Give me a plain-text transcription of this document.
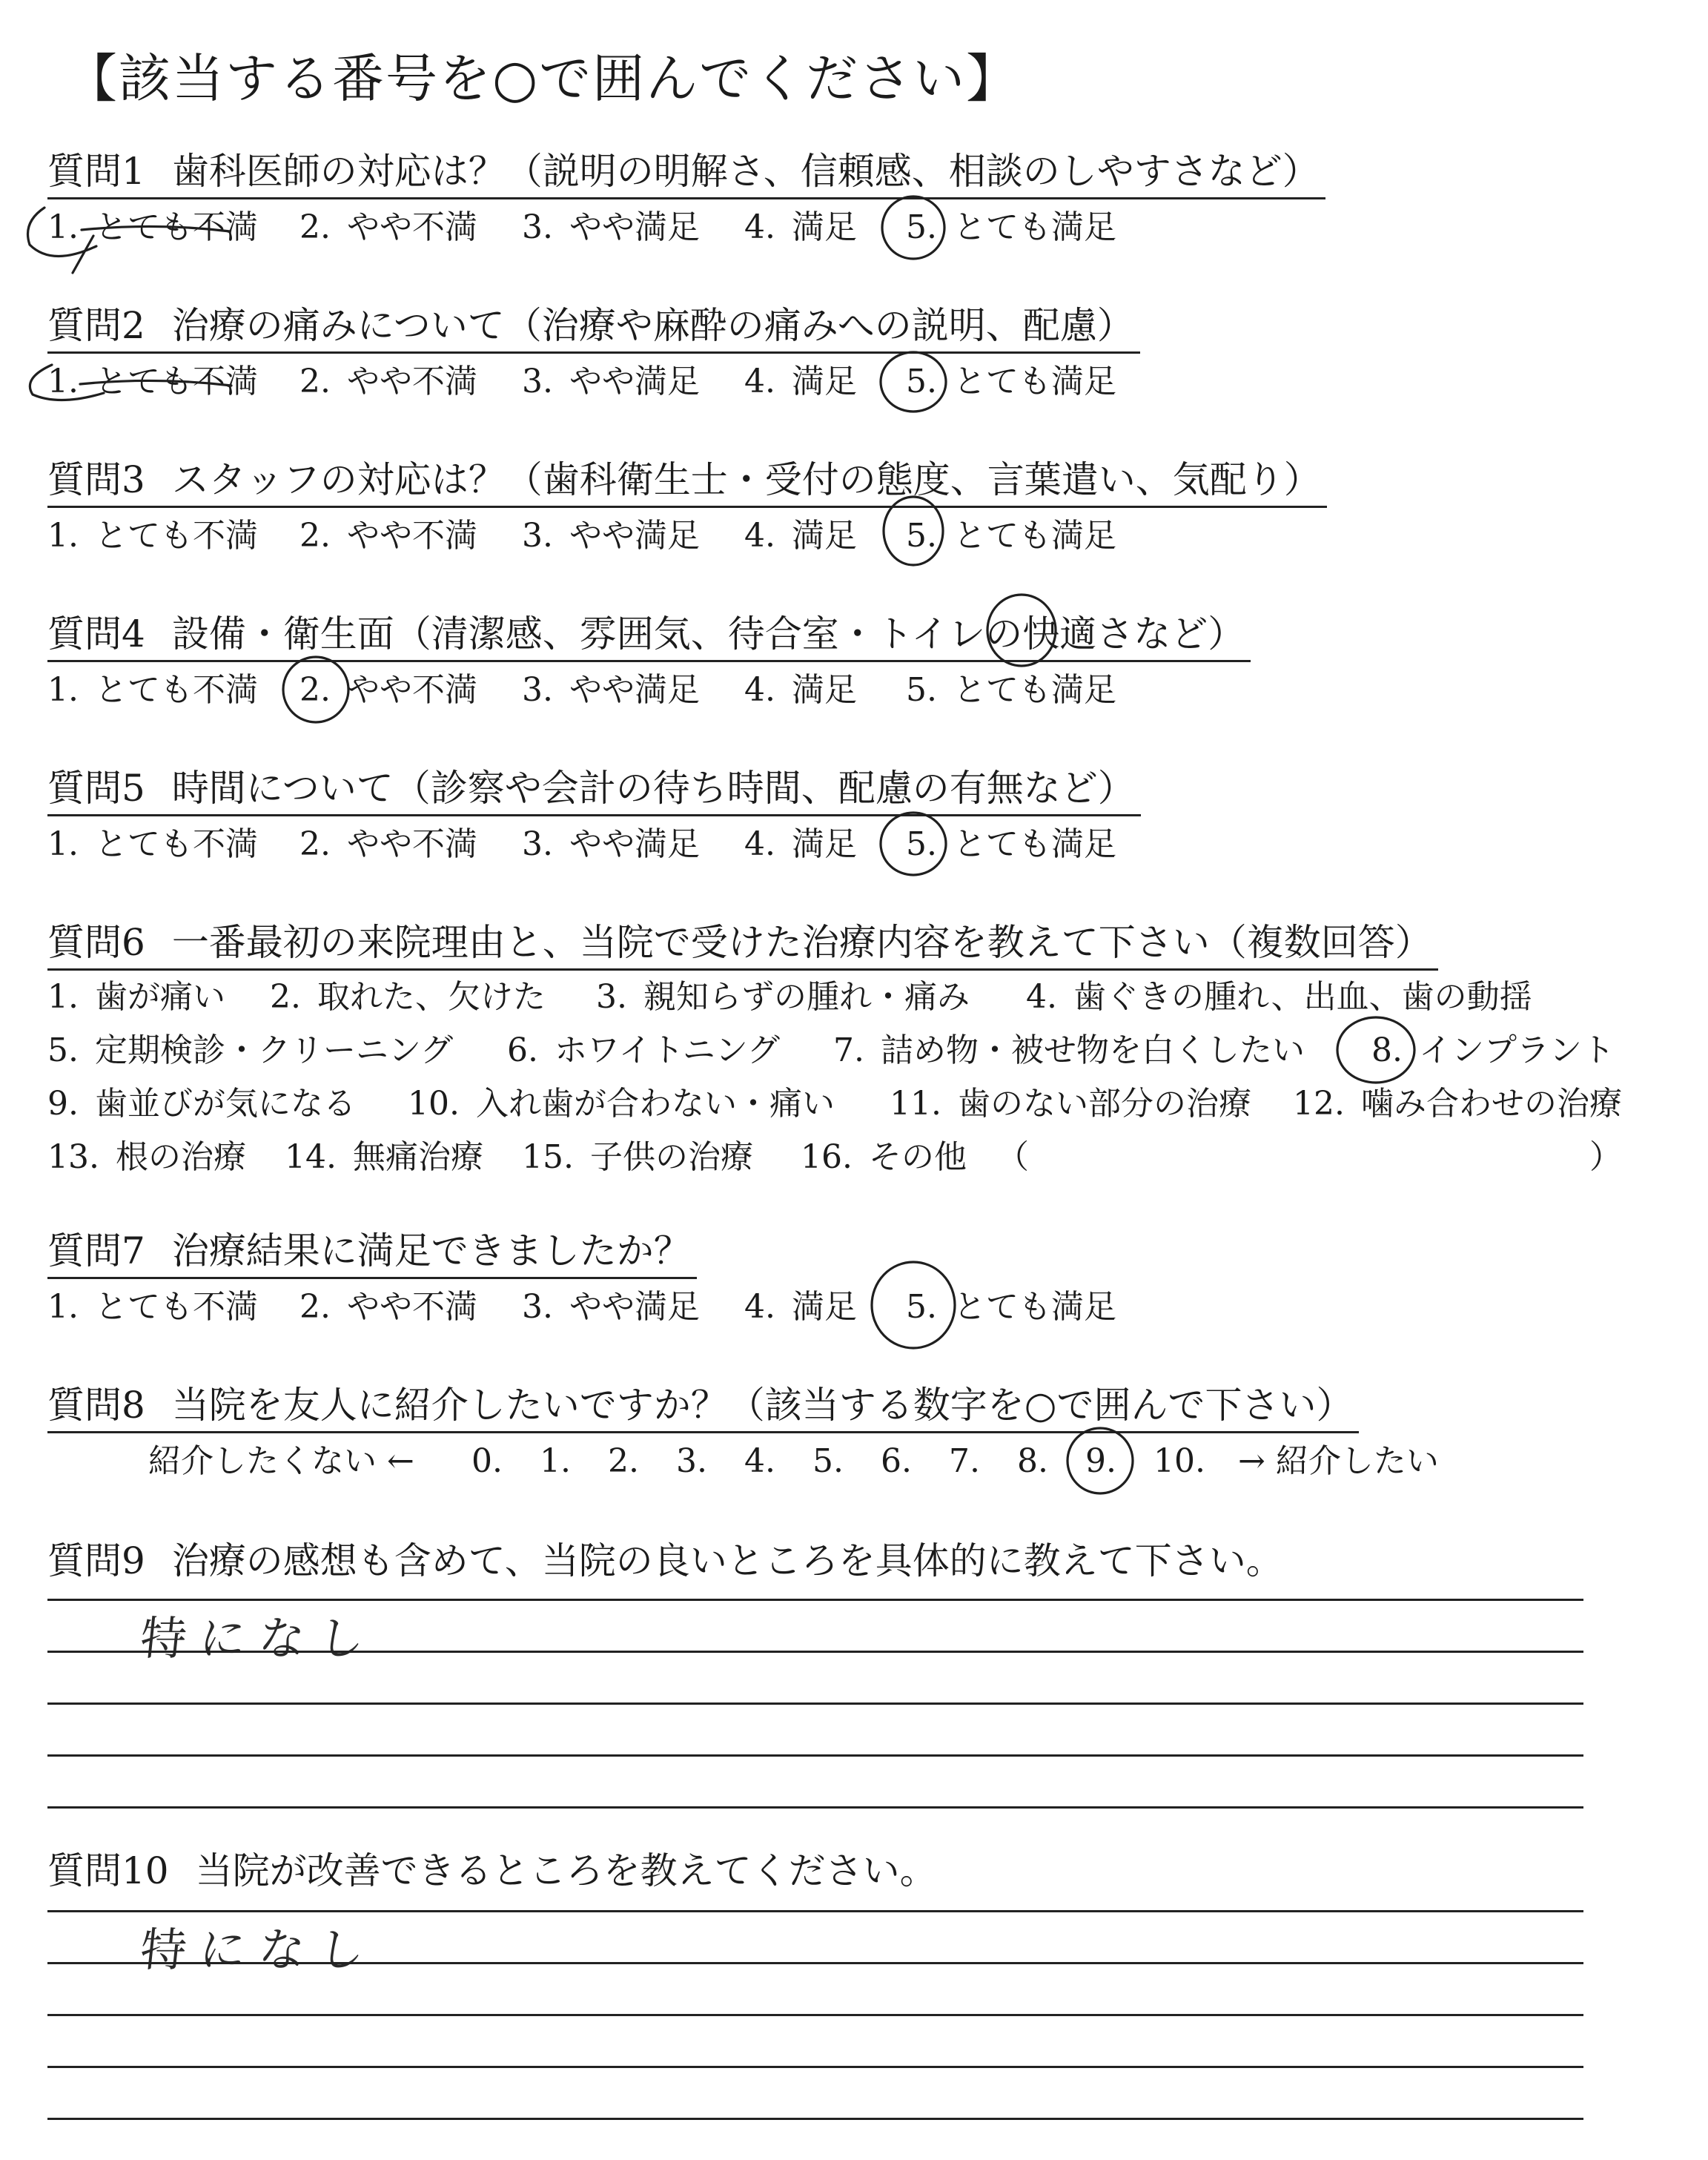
【該当する番号を○で囲んでください】
質問1 歯科医師の対応は？（説明の明解さ、信頼感、相談のしやすさなど）
1. とても不満 2. やや不満 3. やや満足 4. 満足 5. とても満足
質問2 治療の痛みについて（治療や麻酔の痛みへの説明、配慮）
1. とても不満 2. やや不満 3. やや満足 4. 満足 5. とても満足
質問3 スタッフの対応は？（歯科衛生士・受付の態度、言葉遣い、気配り）
1. とても不満 2. やや不満 3. やや満足 4. 満足 5. とても満足
質問4 設備・衛生面（清潔感、雰囲気、待合室・トイレの快適さなど）
1. とても不満 2. やや不満 3. やや満足 4. 満足 5. とても満足
質問5 時間について（診察や会計の待ち時間、配慮の有無など）
1. とても不満 2. やや不満 3. やや満足 4. 満足 5. とても満足
質問6 一番最初の来院理由と、当院で受けた治療内容を教えて下さい（複数回答）
1. 歯が痛い 2. 取れた、欠けた 3. 親知らずの腫れ・痛み 4. 歯ぐきの腫れ、出血、歯の動揺
5. 定期検診・クリーニング 6. ホワイトニング 7. 詰め物・被せ物を白くしたい 8. インプラント
9. 歯並びが気になる 10. 入れ歯が合わない・痛い 11. 歯のない部分の治療 12. 噛み合わせの治療
13. 根の治療 14. 無痛治療 15. 子供の治療 16. その他 （	）
質問7 治療結果に満足できましたか？
1. とても不満 2. やや不満 3. やや満足 4. 満足 5. とても満足
質問8 当院を友人に紹介したいですか？（該当する数字を○で囲んで下さい）
紹介したくない ← 0. 1. 2. 3. 4. 5. 6. 7. 8. 9. 10. → 紹介したい
質問9 治療の感想も含めて、当院の良いところを具体的に教えて下さい。
特になし
質問10 当院が改善できるところを教えてください。
特になし
